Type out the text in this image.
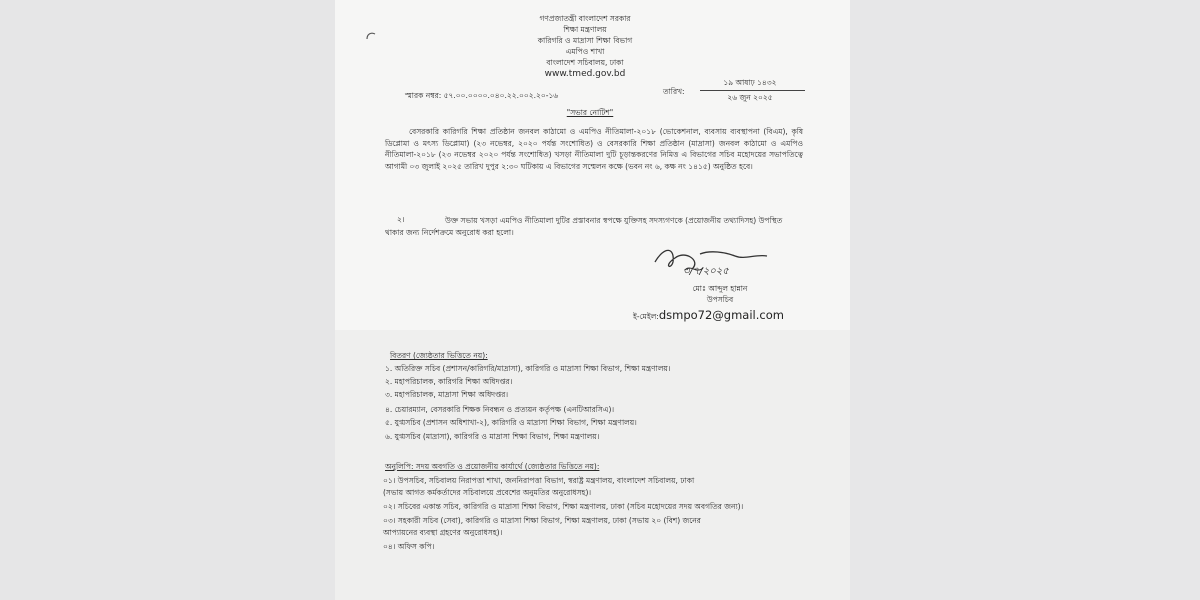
গণপ্রজাতন্ত্রী বাংলাদেশ সরকার
শিক্ষা মন্ত্রণালয়
কারিগরি ও মাদ্রাসা শিক্ষা বিভাগ
এমপিও শাখা
বাংলাদেশ সচিবালয়, ঢাকা
www.tmed.gov.bd
স্মারক নম্বর: ৫৭.০০.০০০০.০৪০.২২.০০২.২০-১৬	তারিখ:
১৯ আষাঢ় ১৪৩২
২৬ জুন ২০২৫
"সভার নোটিশ"
বেসরকারি কারিগরি শিক্ষা প্রতিষ্ঠান জনবল কাঠামো ও এমপিও নীতিমালা-২০১৮ (ভোকেশনাল, ব্যবসায় ব্যবস্থাপনা (বিএম), কৃষি ডিপ্লোমা ও মৎস্য ডিপ্লোমা) (২৩ নভেম্বর, ২০২০ পর্যন্ত সংশোধিত) ও বেসরকারি শিক্ষা প্রতিষ্ঠান (মাদ্রাসা) জনবল কাঠামো ও এমপিও নীতিমালা-২০১৮ (২৩ নভেম্বর ২০২০ পর্যন্ত সংশোধিত) খসড়া নীতিমালা দুটি চূড়ান্তকরণের নিমিত্ত এ বিভাগের সচিব মহোদয়ের সভাপতিত্বে আগামী ০৩ জুলাই ২০২৫ তারিখ দুপুর ২:৩০ ঘটিকায় এ বিভাগের সম্মেলন কক্ষে (ভবন নং ৬, কক্ষ নং ১৪১৫) অনুষ্ঠিত হবে।
২।	উক্ত সভায় খসড়া এমপিও নীতিমালা দুটির প্রস্তাবনার স্বপক্ষে যুক্তিসহ সদস্যগণকে (প্রয়োজনীয় তথ্যাদিসহ) উপস্থিত থাকার জন্য নির্দেশক্রমে অনুরোধ করা হলো।
৩/৭/২০২৫
মোঃ আব্দুল হান্নান
উপসচিব
ই-মেইল:dsmpo72@gmail.com
বিতরণ (জ্যেষ্ঠতার ভিত্তিতে নয়):
১. অতিরিক্ত সচিব (প্রশাসন/কারিগরি/মাদ্রাসা), কারিগরি ও মাদ্রাসা শিক্ষা বিভাগ, শিক্ষা মন্ত্রণালয়।
২. মহাপরিচালক, কারিগরি শিক্ষা অধিদপ্তর।
৩. মহাপরিচালক, মাদ্রাসা শিক্ষা অধিদপ্তর।
৪. চেয়ারম্যান, বেসরকারি শিক্ষক নিবন্ধন ও প্রত্যয়ন কর্তৃপক্ষ (এনটিআরসিএ)।
৫. যুগ্মসচিব (প্রশাসন অধিশাখা-২), কারিগরি ও মাদ্রাসা শিক্ষা বিভাগ, শিক্ষা মন্ত্রণালয়।
৬. যুগ্মসচিব (মাদ্রাসা), কারিগরি ও মাদ্রাসা শিক্ষা বিভাগ, শিক্ষা মন্ত্রণালয়।
অনুলিপি: সদয় অবগতি ও প্রয়োজনীয় কার্যার্থে (জ্যেষ্ঠতার ভিত্তিতে নয়):
০১। উপসচিব, সচিবালয় নিরাপত্তা শাখা, জননিরাপত্তা বিভাগ, স্বরাষ্ট্র মন্ত্রণালয়, বাংলাদেশ সচিবালয়, ঢাকা
(সভায় আগত কর্মকর্তাদের সচিবালয়ে প্রবেশের অনুমতির অনুরোধসহ)।
০২। সচিবের একান্ত সচিব, কারিগরি ও মাদ্রাসা শিক্ষা বিভাগ, শিক্ষা মন্ত্রণালয়, ঢাকা (সচিব মহোদয়ের সদয় অবগতির জন্য)।
০৩। সহকারী সচিব (সেবা), কারিগরি ও মাদ্রাসা শিক্ষা বিভাগ, শিক্ষা মন্ত্রণালয়, ঢাকা (সভায় ২০ (বিশ) জনের
আপ্যায়নের ব্যবস্থা গ্রহণের অনুরোধসহ)।
০৪। অফিস কপি।
